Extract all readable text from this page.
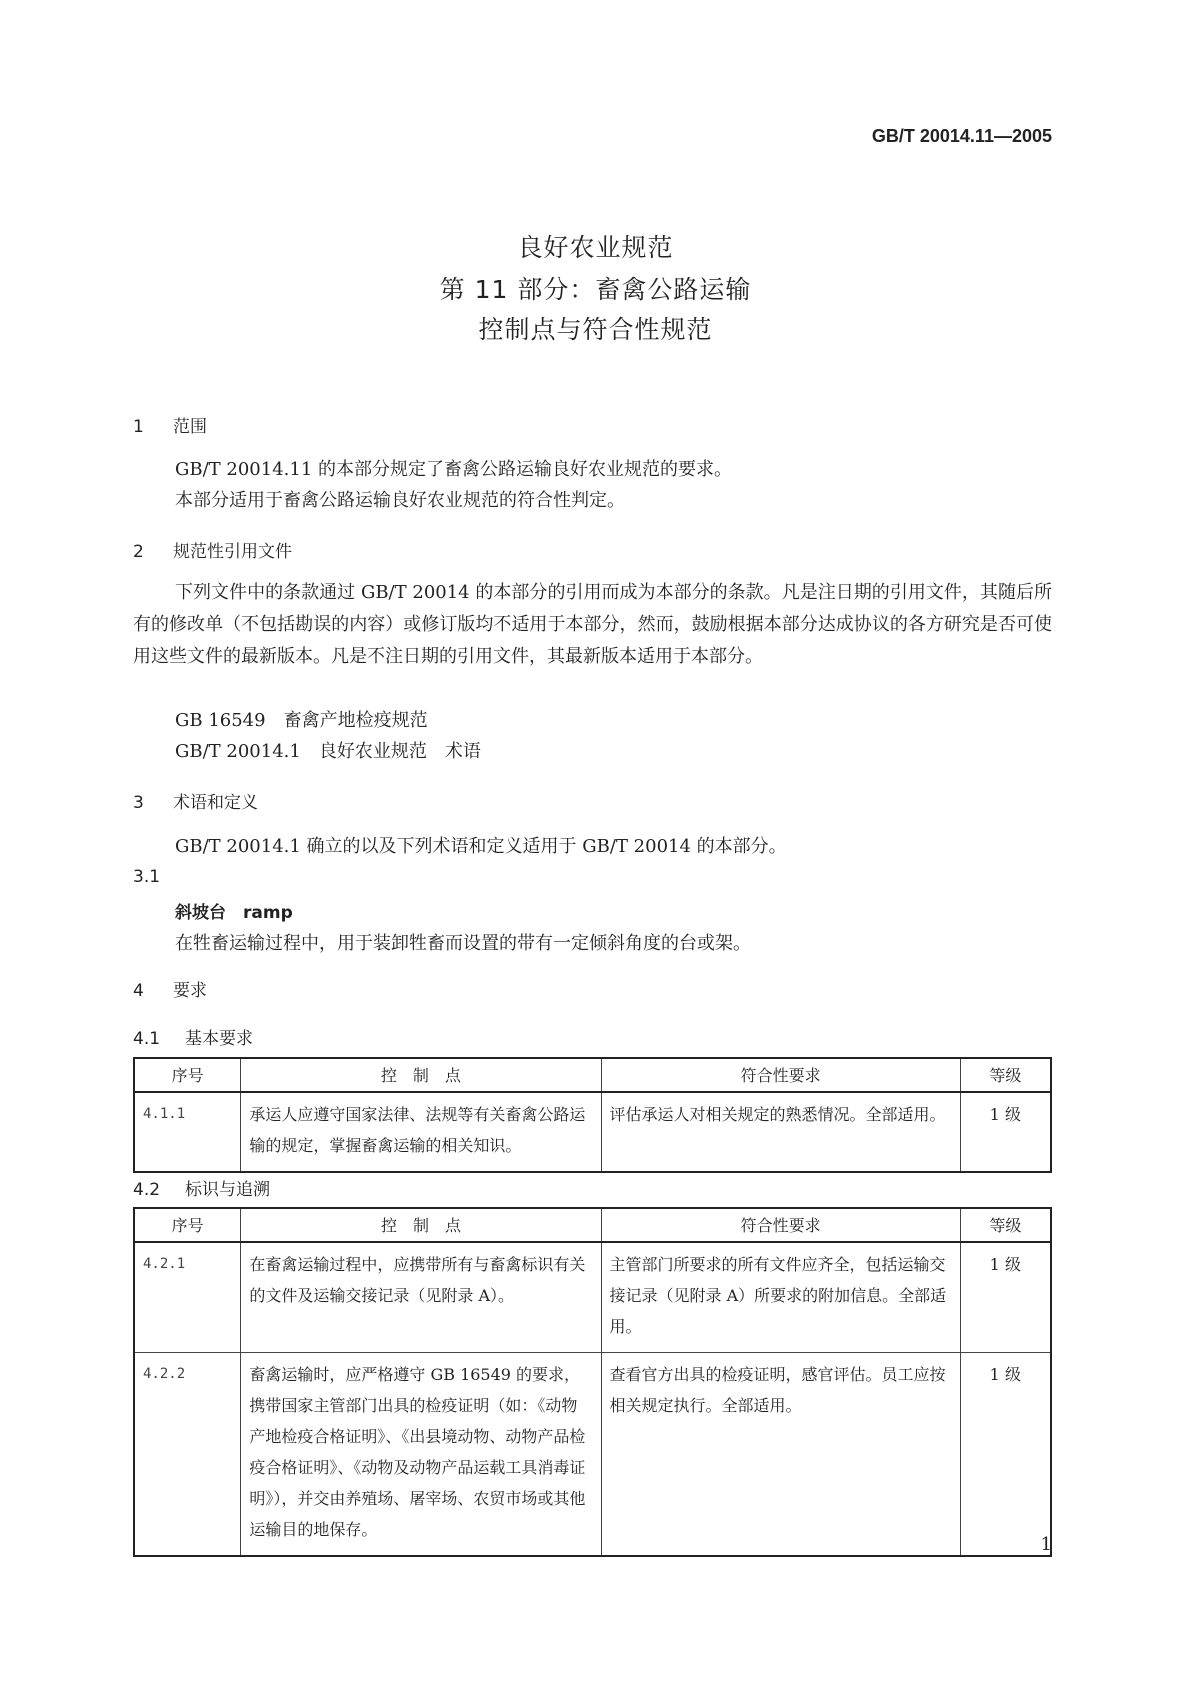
GB/T 20014.11—2005
良好农业规范
第 11 部分：畜禽公路运输
控制点与符合性规范
1 范围
GB/T 20014.11 的本部分规定了畜禽公路运输良好农业规范的要求。
本部分适用于畜禽公路运输良好农业规范的符合性判定。
2 规范性引用文件
下列文件中的条款通过 GB/T 20014 的本部分的引用而成为本部分的条款。凡是注日期的引用文件，其随后所有的修改单（不包括勘误的内容）或修订版均不适用于本部分，然而，鼓励根据本部分达成协议的各方研究是否可使用这些文件的最新版本。凡是不注日期的引用文件，其最新版本适用于本部分。
GB 16549　畜禽产地检疫规范
GB/T 20014.1　良好农业规范　术语
3 术语和定义
GB/T 20014.1 确立的以及下列术语和定义适用于 GB/T 20014 的本部分。
3.1
斜坡台　ramp
在牲畜运输过程中，用于装卸牲畜而设置的带有一定倾斜角度的台或架。
4 要求
4.1 基本要求
序号	控　制　点	符合性要求	等级
4.1.1	承运人应遵守国家法律、法规等有关畜禽公路运输的规定，掌握畜禽运输的相关知识。	评估承运人对相关规定的熟悉情况。全部适用。	1 级
4.2 标识与追溯
序号	控　制　点	符合性要求	等级
4.2.1	在畜禽运输过程中，应携带所有与畜禽标识有关的文件及运输交接记录（见附录 A）。	主管部门所要求的所有文件应齐全，包括运输交接记录（见附录 A）所要求的附加信息。全部适用。	1 级
4.2.2	畜禽运输时，应严格遵守 GB 16549 的要求，携带国家主管部门出具的检疫证明（如：《动物产地检疫合格证明》、《出县境动物、动物产品检疫合格证明》、《动物及动物产品运载工具消毒证明》），并交由养殖场、屠宰场、农贸市场或其他运输目的地保存。	查看官方出具的检疫证明，感官评估。员工应按相关规定执行。全部适用。	1 级
1
